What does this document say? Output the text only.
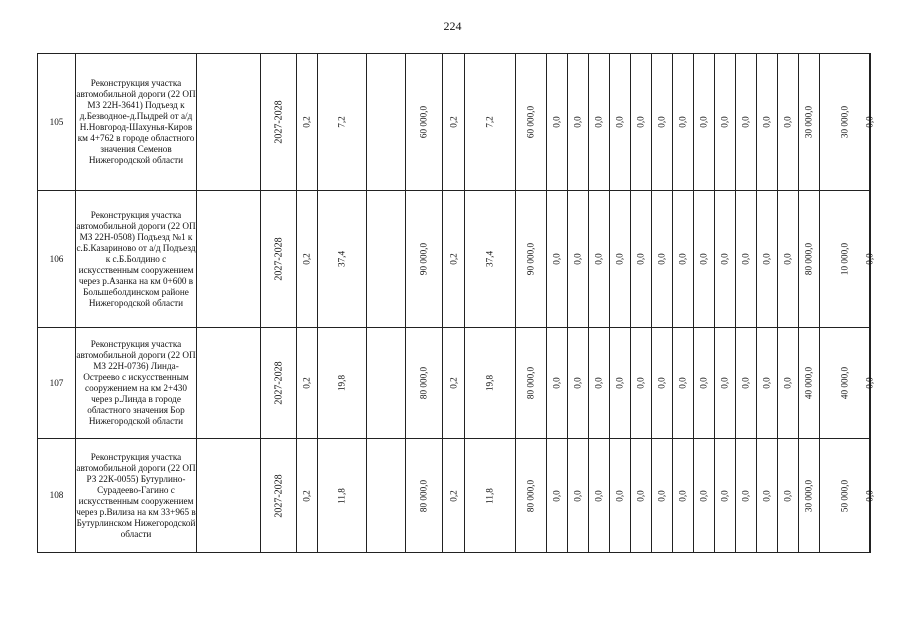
224
105	Реконструкция участка автомобильной дороги (22 ОП МЗ 22Н-3641) Подъезд к д.Безводное-д.Пыдрей от а/д Н.Новгород-Шахунья-Киров км 4+762 в городе областного значения Семенов Нижегородской области		2027-2028	0,2	7,2		60 000,0	0,2	7,2	60 000,0	0,0	0,0	0,0	0,0	0,0	0,0	0,0	0,0	0,0	0,0	0,0	0,0	30 000,0	30 000,0	0,0

106	Реконструкция участка автомобильной дороги (22 ОП МЗ 22Н-0508) Подъезд №1 к с.Б.Казариново от а/д Подъезд к с.Б.Болдино с искусственным сооружением через р.Азанка на км 0+600 в Большеболдинском районе Нижегородской области		2027-2028	0,2	37,4		90 000,0	0,2	37,4	90 000,0	0,0	0,0	0,0	0,0	0,0	0,0	0,0	0,0	0,0	0,0	0,0	0,0	80 000,0	10 000,0	0,0

107	Реконструкция участка автомобильной дороги (22 ОП МЗ 22Н-0736) Линда-Остреево с искусственным сооружением на км 2+430 через р.Линда в городе областного значения Бор Нижегородской области		2027-2028	0,2	19,8		80 000,0	0,2	19,8	80 000,0	0,0	0,0	0,0	0,0	0,0	0,0	0,0	0,0	0,0	0,0	0,0	0,0	40 000,0	40 000,0	0,0

108	Реконструкция участка автомобильной дороги (22 ОП РЗ 22К-0055) Бутурлино-Сурадеево-Гагино с искусственным сооружением через р.Вилиза на км 33+965 в Бутурлинском Нижегородской области		2027-2028	0,2	11,8		80 000,0	0,2	11,8	80 000,0	0,0	0,0	0,0	0,0	0,0	0,0	0,0	0,0	0,0	0,0	0,0	0,0	30 000,0	50 000,0	0,0
